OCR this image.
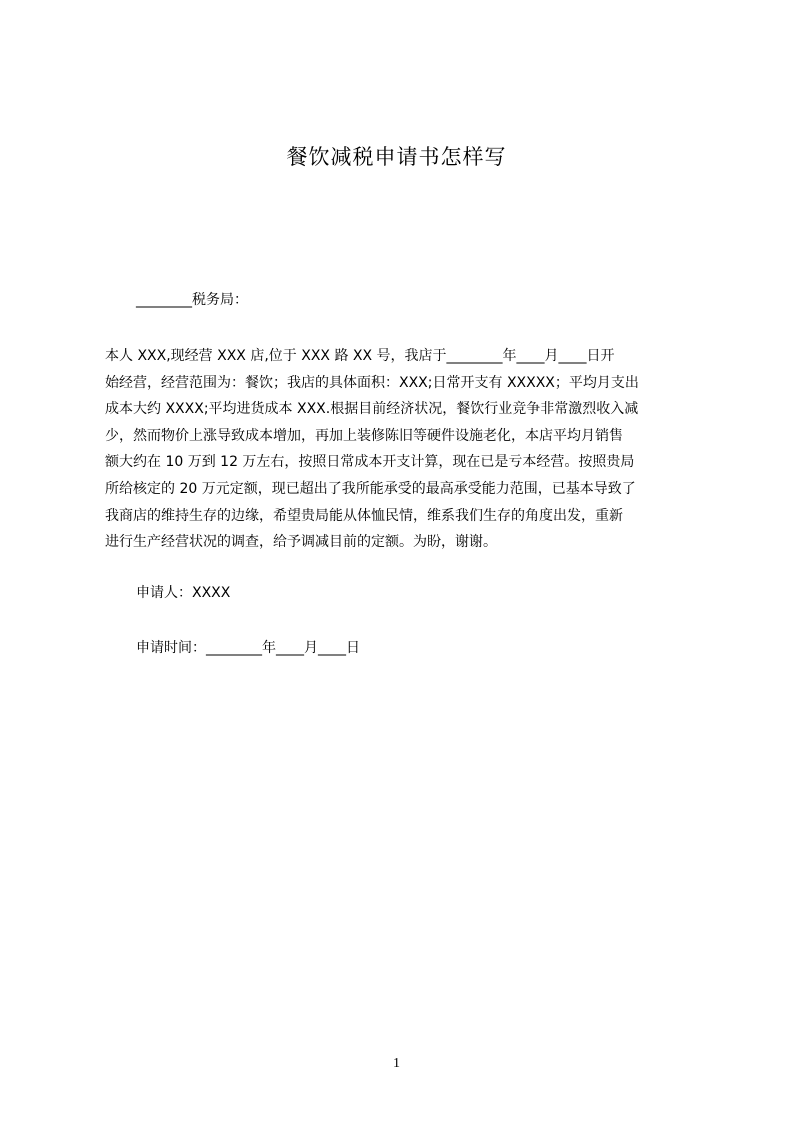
餐饮减税申请书怎样写
________税务局：
本人 XXX,现经营 XXX 店,位于 XXX 路 XX 号，我店于________年____月____日开
始经营，经营范围为：餐饮；我店的具体面积：XXX;日常开支有 XXXXX；平均月支出
成本大约 XXXX;平均进货成本 XXX.根据目前经济状况，餐饮行业竞争非常激烈收入减
少，然而物价上涨导致成本增加，再加上装修陈旧等硬件设施老化，本店平均月销售
额大约在 10 万到 12 万左右，按照日常成本开支计算，现在已是亏本经营。按照贵局
所给核定的 20 万元定额，现已超出了我所能承受的最高承受能力范围，已基本导致了
我商店的维持生存的边缘，希望贵局能从体恤民情，维系我们生存的角度出发，重新
进行生产经营状况的调查，给予调减目前的定额。为盼，谢谢。
申请人：XXXX
申请时间：________年____月____日
1
